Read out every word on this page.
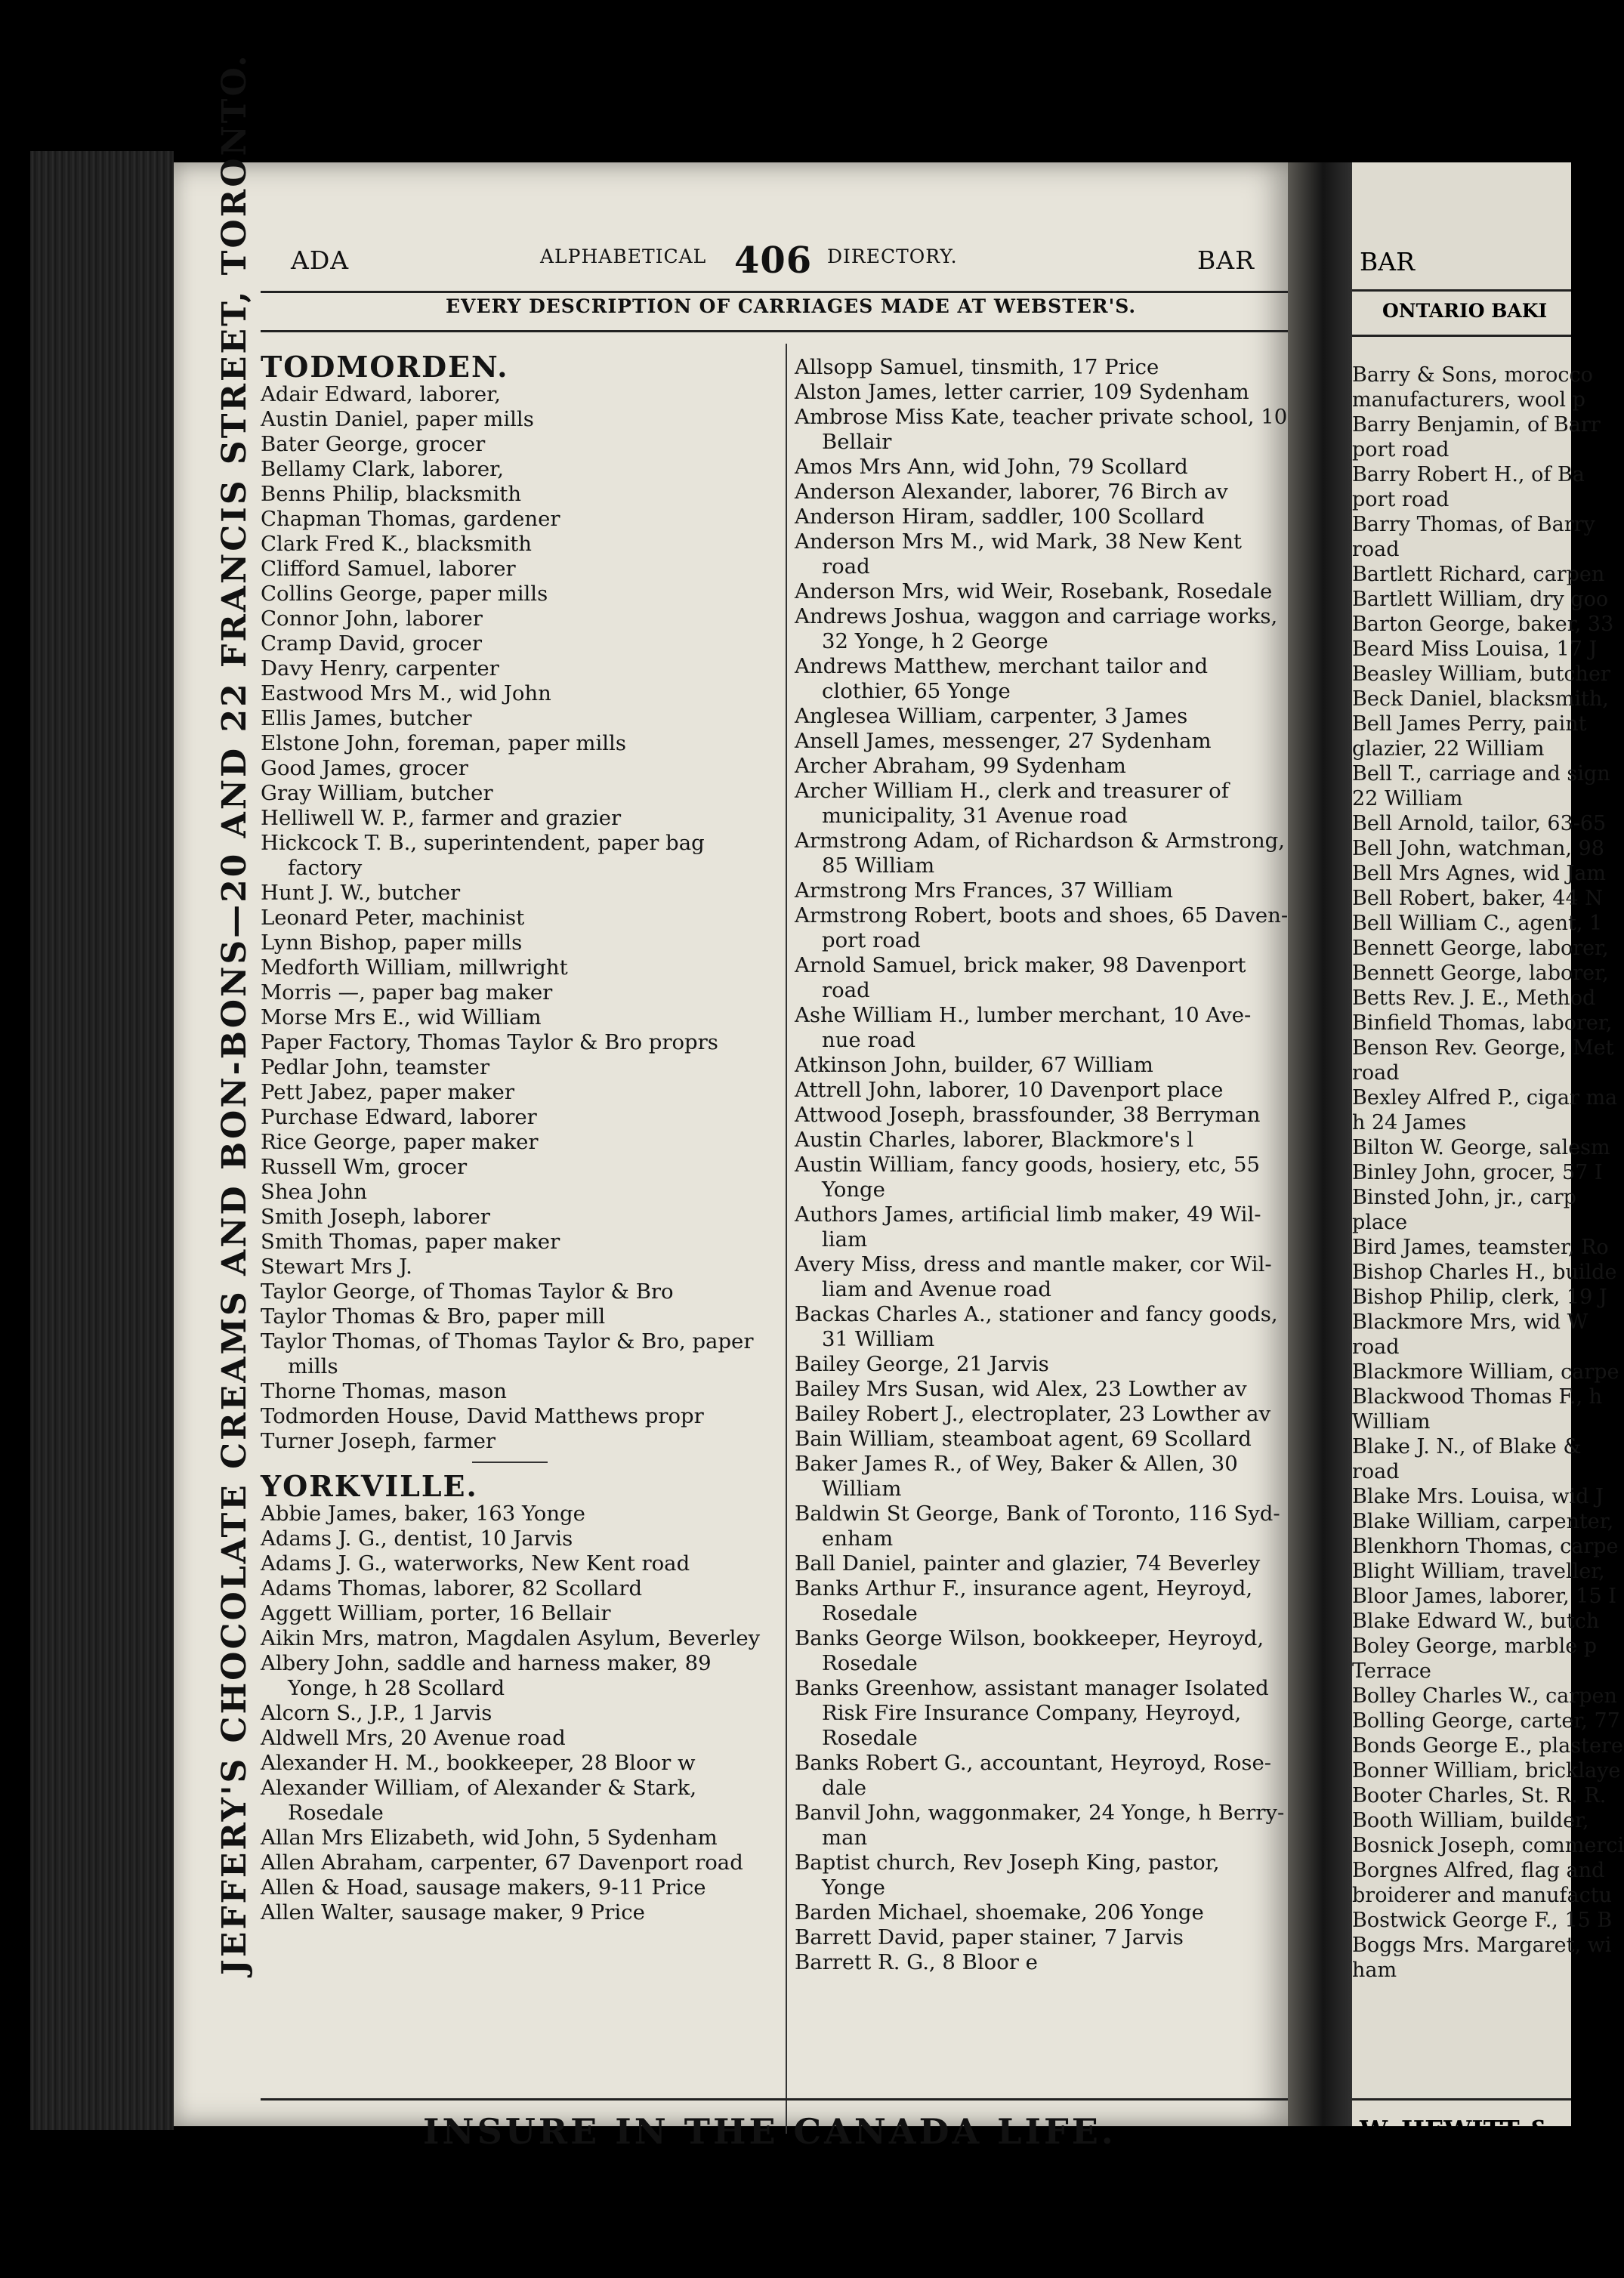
ADA	ALPHABETICAL 406 DIRECTORY.	BAR
EVERY DESCRIPTION OF CARRIAGES MADE AT WEBSTER'S.
JEFFERY'S CHOCOLATE CREAMS AND BON-BONS—20 AND 22 FRANCIS STREET, TORONTO. TODMORDEN.
Adair Edward, laborer,
Austin Daniel, paper mills
Bater George, grocer
Bellamy Clark, laborer,
Benns Philip, blacksmith
Chapman Thomas, gardener
Clark Fred K., blacksmith
Clifford Samuel, laborer
Collins George, paper mills
Connor John, laborer
Cramp David, grocer
Davy Henry, carpenter
Eastwood Mrs M., wid John
Ellis James, butcher
Elstone John, foreman, paper mills
Good James, grocer
Gray William, butcher
Helliwell W. P., farmer and grazier
Hickcock T. B., superintendent, paper bag
factory
Hunt J. W., butcher
Leonard Peter, machinist
Lynn Bishop, paper mills
Medforth William, millwright
Morris —, paper bag maker
Morse Mrs E., wid William
Paper Factory, Thomas Taylor & Bro proprs
Pedlar John, teamster
Pett Jabez, paper maker
Purchase Edward, laborer
Rice George, paper maker
Russell Wm, grocer
Shea John
Smith Joseph, laborer
Smith Thomas, paper maker
Stewart Mrs J.
Taylor George, of Thomas Taylor & Bro
Taylor Thomas & Bro, paper mill
Taylor Thomas, of Thomas Taylor & Bro, paper
mills
Thorne Thomas, mason
Todmorden House, David Matthews propr
Turner Joseph, farmer
YORKVILLE.
Abbie James, baker, 163 Yonge
Adams J. G., dentist, 10 Jarvis
Adams J. G., waterworks, New Kent road
Adams Thomas, laborer, 82 Scollard
Aggett William, porter, 16 Bellair
Aikin Mrs, matron, Magdalen Asylum, Beverley
Albery John, saddle and harness maker, 89
Yonge, h 28 Scollard
Alcorn S., J.P., 1 Jarvis
Aldwell Mrs, 20 Avenue road
Alexander H. M., bookkeeper, 28 Bloor w
Alexander William, of Alexander & Stark,
Rosedale
Allan Mrs Elizabeth, wid John, 5 Sydenham
Allen Abraham, carpenter, 67 Davenport road
Allen & Hoad, sausage makers, 9-11 Price
Allen Walter, sausage maker, 9 Price
Allsopp Samuel, tinsmith, 17 Price
Alston James, letter carrier, 109 Sydenham
Ambrose Miss Kate, teacher private school, 10
Bellair
Amos Mrs Ann, wid John, 79 Scollard
Anderson Alexander, laborer, 76 Birch av
Anderson Hiram, saddler, 100 Scollard
Anderson Mrs M., wid Mark, 38 New Kent
road
Anderson Mrs, wid Weir, Rosebank, Rosedale
Andrews Joshua, waggon and carriage works,
32 Yonge, h 2 George
Andrews Matthew, merchant tailor and
clothier, 65 Yonge
Anglesea William, carpenter, 3 James
Ansell James, messenger, 27 Sydenham
Archer Abraham, 99 Sydenham
Archer William H., clerk and treasurer of
municipality, 31 Avenue road
Armstrong Adam, of Richardson & Armstrong,
85 William
Armstrong Mrs Frances, 37 William
Armstrong Robert, boots and shoes, 65 Daven-
port road
Arnold Samuel, brick maker, 98 Davenport
road
Ashe William H., lumber merchant, 10 Ave-
nue road
Atkinson John, builder, 67 William
Attrell John, laborer, 10 Davenport place
Attwood Joseph, brassfounder, 38 Berryman
Austin Charles, laborer, Blackmore's l
Austin William, fancy goods, hosiery, etc, 55
Yonge
Authors James, artificial limb maker, 49 Wil-
liam
Avery Miss, dress and mantle maker, cor Wil-
liam and Avenue road
Backas Charles A., stationer and fancy goods,
31 William
Bailey George, 21 Jarvis
Bailey Mrs Susan, wid Alex, 23 Lowther av
Bailey Robert J., electroplater, 23 Lowther av
Bain William, steamboat agent, 69 Scollard
Baker James R., of Wey, Baker & Allen, 30
William
Baldwin St George, Bank of Toronto, 116 Syd-
enham
Ball Daniel, painter and glazier, 74 Beverley
Banks Arthur F., insurance agent, Heyroyd,
Rosedale
Banks George Wilson, bookkeeper, Heyroyd,
Rosedale
Banks Greenhow, assistant manager Isolated
Risk Fire Insurance Company, Heyroyd,
Rosedale
Banks Robert G., accountant, Heyroyd, Rose-
dale
Banvil John, waggonmaker, 24 Yonge, h Berry-
man
Baptist church, Rev Joseph King, pastor,
Yonge
Barden Michael, shoemake, 206 Yonge
Barrett David, paper stainer, 7 Jarvis
Barrett R. G., 8 Bloor e
INSURE IN THE CANADA LIFE.
BAR
ONTARIO BAKI
Barry & Sons, morocco
manufacturers, wool p
Barry Benjamin, of Barr
port road
Barry Robert H., of Ba
port road
Barry Thomas, of Barry
road
Bartlett Richard, carpen
Bartlett William, dry goo
Barton George, baker, 33
Beard Miss Louisa, 17 J
Beasley William, butcher
Beck Daniel, blacksmith,
Bell James Perry, paint
glazier, 22 William
Bell T., carriage and sign
22 William
Bell Arnold, tailor, 63-65
Bell John, watchman, 98
Bell Mrs Agnes, wid Jam
Bell Robert, baker, 44 N
Bell William C., agent, 1
Bennett George, laborer,
Bennett George, laborer,
Betts Rev. J. E., Method
Binfield Thomas, laborer,
Benson Rev. George, Met
road
Bexley Alfred P., cigar ma
h 24 James
Bilton W. George, salesm
Binley John, grocer, 57 I
Binsted John, jr., carp
place
Bird James, teamster, Ro
Bishop Charles H., builde
Bishop Philip, clerk, 19 J
Blackmore Mrs, wid W
road
Blackmore William, carpe
Blackwood Thomas F., h
William
Blake J. N., of Blake &
road
Blake Mrs. Louisa, wid J
Blake William, carpenter,
Blenkhorn Thomas, carpe
Blight William, traveller,
Bloor James, laborer, 15 I
Blake Edward W., butch
Boley George, marble p
Terrace
Bolley Charles W., carpen
Bolling George, carter, 77
Bonds George E., plastere
Bonner William, bricklaye
Booter Charles, St. R. R.
Booth William, builder,
Bosnick Joseph, commerci
Borgnes Alfred, flag and
broiderer and manufactu
Bostwick George F., 15 B
Boggs Mrs. Margaret, wi
ham
W. HEWITT &
